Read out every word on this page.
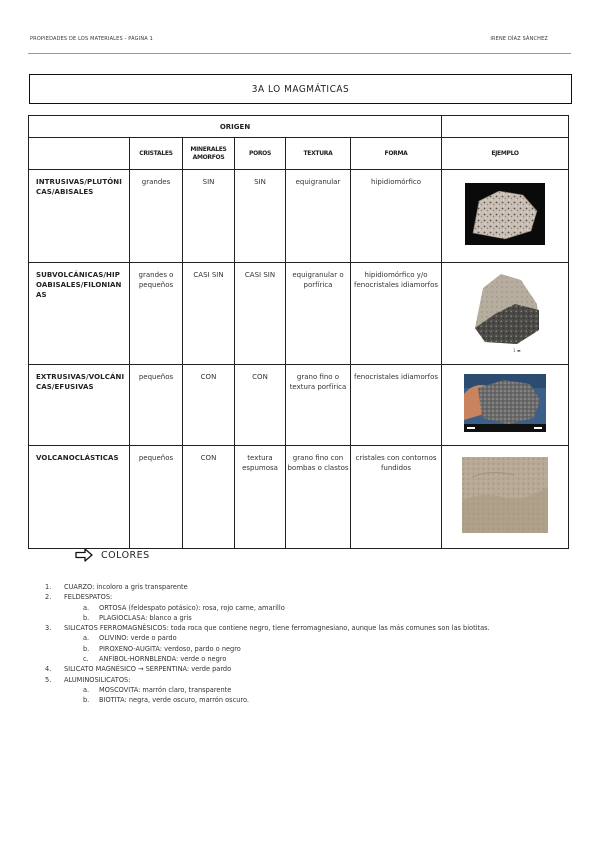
PROPIEDADES DE LOS MATERIALES - PÁGINA 1	IRENE DÍAZ SÁNCHEZ
3A LO MAGMÁTICAS
ORIGEN						
	CRISTALES	MINERALES AMORFOS	POROS	TEXTURA	FORMA	EJEMPLO
INTRUSIVAS/PLUTÓNICAS/ABISALES	grandes	SIN	SIN	equigranular	hipidiomórfico	
SUBVOLCÁNICAS/HIPOABISALES/FILONIANAS	grandes o pequeños	CASI SIN	CASI SIN	equigranular o porfírica	hipidiomórfico y/o fenocristales idiamorfos	1 ▬

EXTRUSIVAS/VOLCÁNICAS/EFUSIVAS	pequeños	CON	CON	grano fino o textura porfírica	fenocristales idiamorfos	
VOLCANOCLÁSTICAS	pequeños	CON	textura espumosa	grano fino con bombas o clastos	cristales con contornos fundidos	
COLORES
1. CUARZO: incoloro a gris transparente
2. FELDESPATOS:
a. ORTOSA (feldespato potásico): rosa, rojo carne, amarillo
b. PLAGIOCLASA: blanco a gris
3. SILICATOS FERROMAGNÉSICOS: toda roca que contiene negro, tiene ferromagnesiano, aunque las más comunes son las biotitas.
a. OLIVINO: verde o pardo
b. PIROXENO-AUGITA: verdoso, pardo o negro
c. ANFÍBOL-HORNBLENDA: verde o negro
4. SILICATO MAGNÉSICO → SERPENTINA: verde pardo
5. ALUMINOSILICATOS:
a. MOSCOVITA: marrón claro, transparente
b. BIOTITA: negra, verde oscuro, marrón oscuro.
